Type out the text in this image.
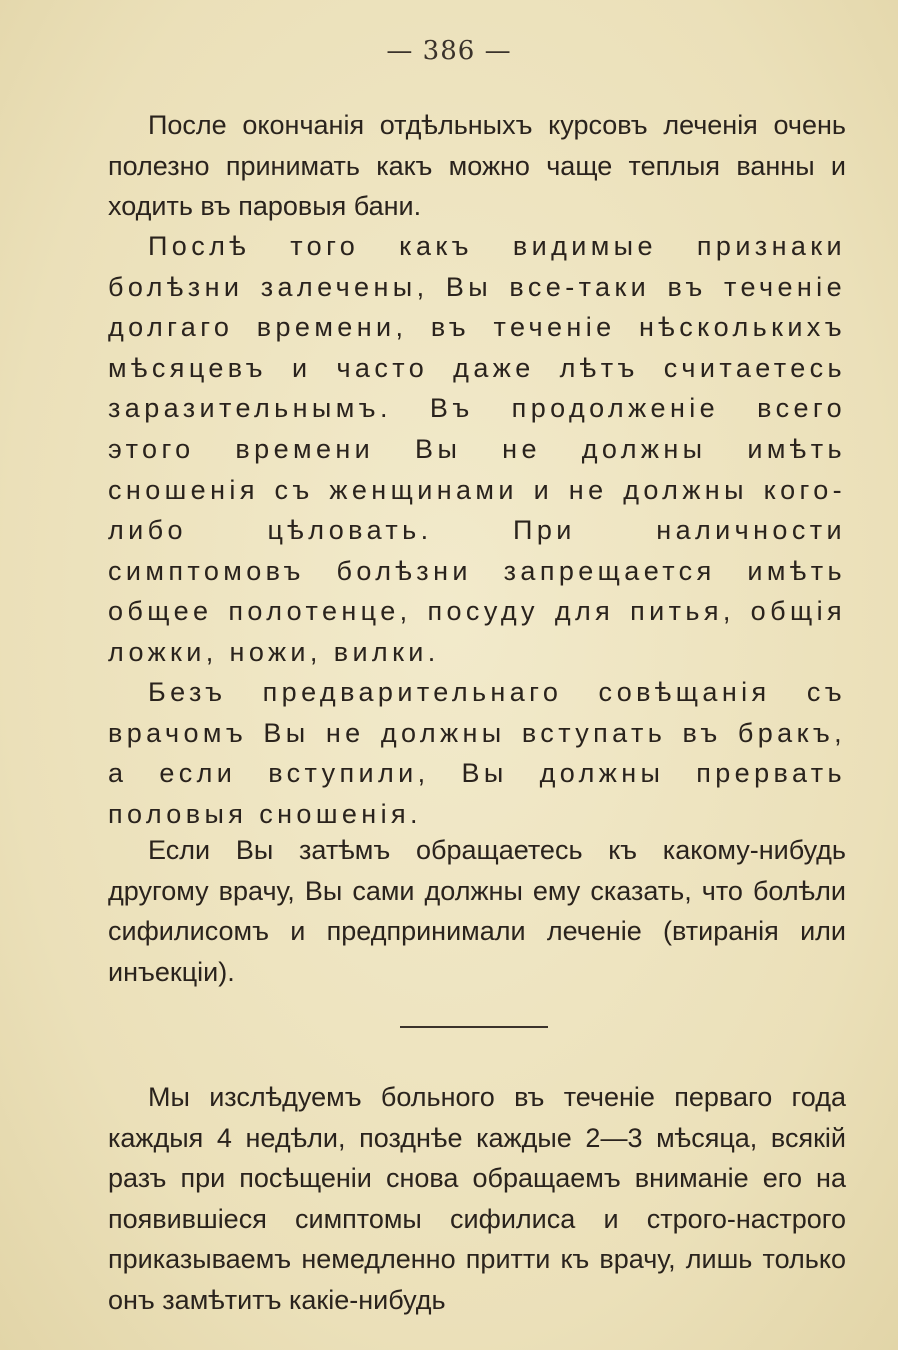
— 386 —

После окончанія отдѣльныхъ курсовъ леченія очень полезно принимать какъ можно чаще теплыя ванны и ходить въ паровыя бани.

Послѣ того какъ видимые признаки болѣзни залечены, Вы все-таки въ теченіе долгаго времени, въ теченіе нѣсколькихъ мѣсяцевъ и часто даже лѣтъ считаетесь заразительнымъ. Въ продолженіе всего этого времени Вы не должны имѣть сношенія съ женщинами и не должны кого-либо цѣловать. При наличности симптомовъ болѣзни запрещается имѣть общее полотенце, посуду для питья, общія ложки, ножи, вилки.

Безъ предварительнаго совѣщанія съ врачомъ Вы не должны вступать въ бракъ, а если вступили, Вы должны прервать половыя сношенія.

Если Вы затѣмъ обращаетесь къ какому-нибудь другому врачу, Вы сами должны ему сказать, что болѣли сифилисомъ и предпринимали леченіе (втиранія или инъекціи).

Мы изслѣдуемъ больного въ теченіе перваго года каждыя 4 недѣли, позднѣе каждые 2—3 мѣсяца, всякій разъ при посѣщеніи снова обращаемъ вниманіе его на появившіеся симптомы сифилиса и строго-настрого приказываемъ немедленно притти къ врачу, лишь только онъ замѣтитъ какіе-нибудь
